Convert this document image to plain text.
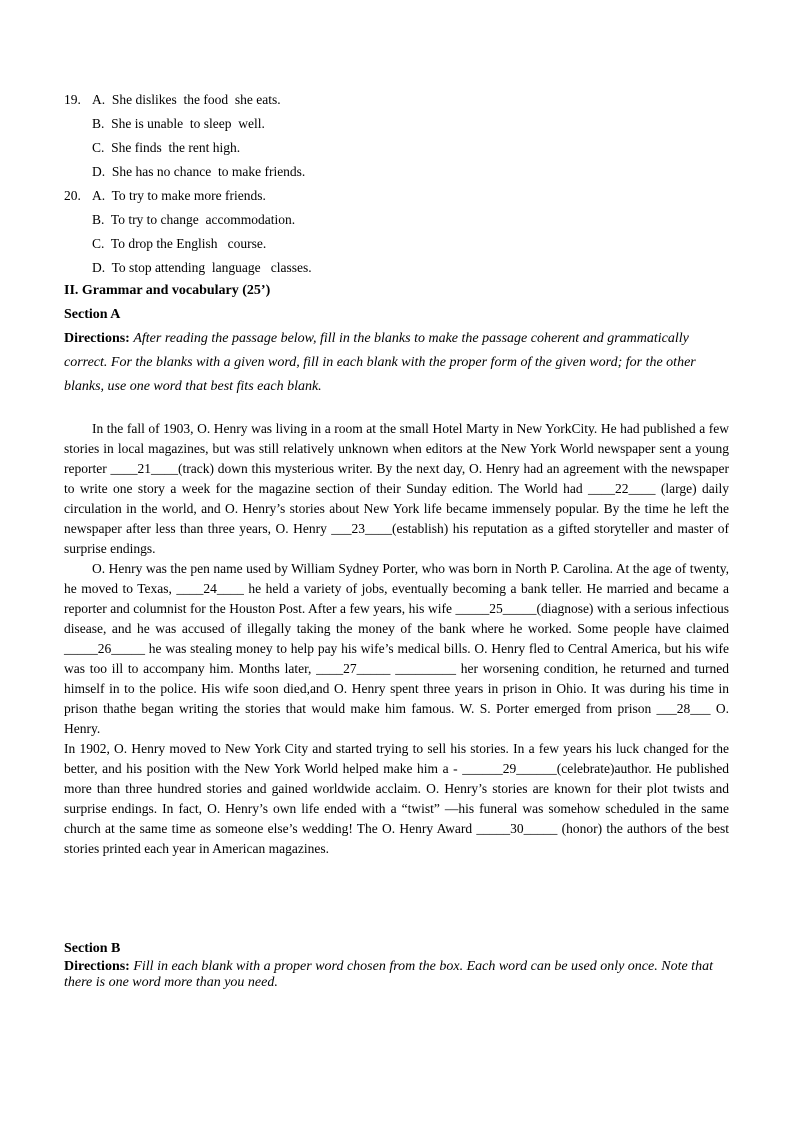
19. A.  She dislikes  the food  she eats.
B.  She is unable  to sleep  well.
C.  She finds  the rent high.
D.  She has no chance  to make friends.
20. A.  To try to make more friends.
B.  To try to change  accommodation.
C.  To drop the English   course.
D.  To stop attending  language   classes.
II. Grammar and vocabulary (25’)
Section A
Directions: After reading the passage below, fill in the blanks to make the passage coherent and grammatically correct. For the blanks with a given word, fill in each blank with the proper form of the given word; for the other blanks, use one word that best fits each blank.

In the fall of 1903, O. Henry was living in a room at the small Hotel Marty in New YorkCity. He had published a few stories in local magazines, but was still relatively unknown when editors at the New York World newspaper sent a young reporter ____21____(track) down this mysterious writer. By the next day, O. Henry had an agreement with the newspaper to write one story a week for the magazine section of their Sunday edition. The World had ____22____ (large) daily circulation in the world, and O. Henry’s stories about New York life became immensely popular. By the time he left the newspaper after less than three years, O. Henry ___23____(establish) his reputation as a gifted storyteller and master of surprise endings.

O. Henry was the pen name used by William Sydney Porter, who was born in North P. Carolina. At the age of twenty, he moved to Texas, ____24____ he held a variety of jobs, eventually becoming a bank teller. He married and became a reporter and columnist for the Houston Post. After a few years, his wife _____25_____(diagnose) with a serious infectious disease, and he was accused of illegally taking the money of the bank where he worked. Some people have claimed _____26_____ he was stealing money to help pay his wife’s medical bills. O. Henry fled to Central America, but his wife was too ill to accompany him. Months later, ____27_____ _________ her worsening condition, he returned and turned himself in to the police. His wife soon died,and O. Henry spent three years in prison in Ohio. It was during his time in prison thathe began writing the stories that would make him famous. W. S. Porter emerged from prison ___28___ O. Henry.

In 1902, O. Henry moved to New York City and started trying to sell his stories. In a few years his luck changed for the better, and his position with the New York World helped make him a - ______29______(celebrate)author. He published more than three hundred stories and gained worldwide acclaim. O. Henry’s stories are known for their plot twists and surprise endings. In fact, O. Henry’s own life ended with a “twist” —his funeral was somehow scheduled in the same church at the same time as someone else’s wedding! The O. Henry Award _____30_____ (honor) the authors of the best stories printed each year in American magazines.

Section B
Directions: Fill in each blank with a proper word chosen from the box. Each word can be used only once. Note that there is one word more than you need.
